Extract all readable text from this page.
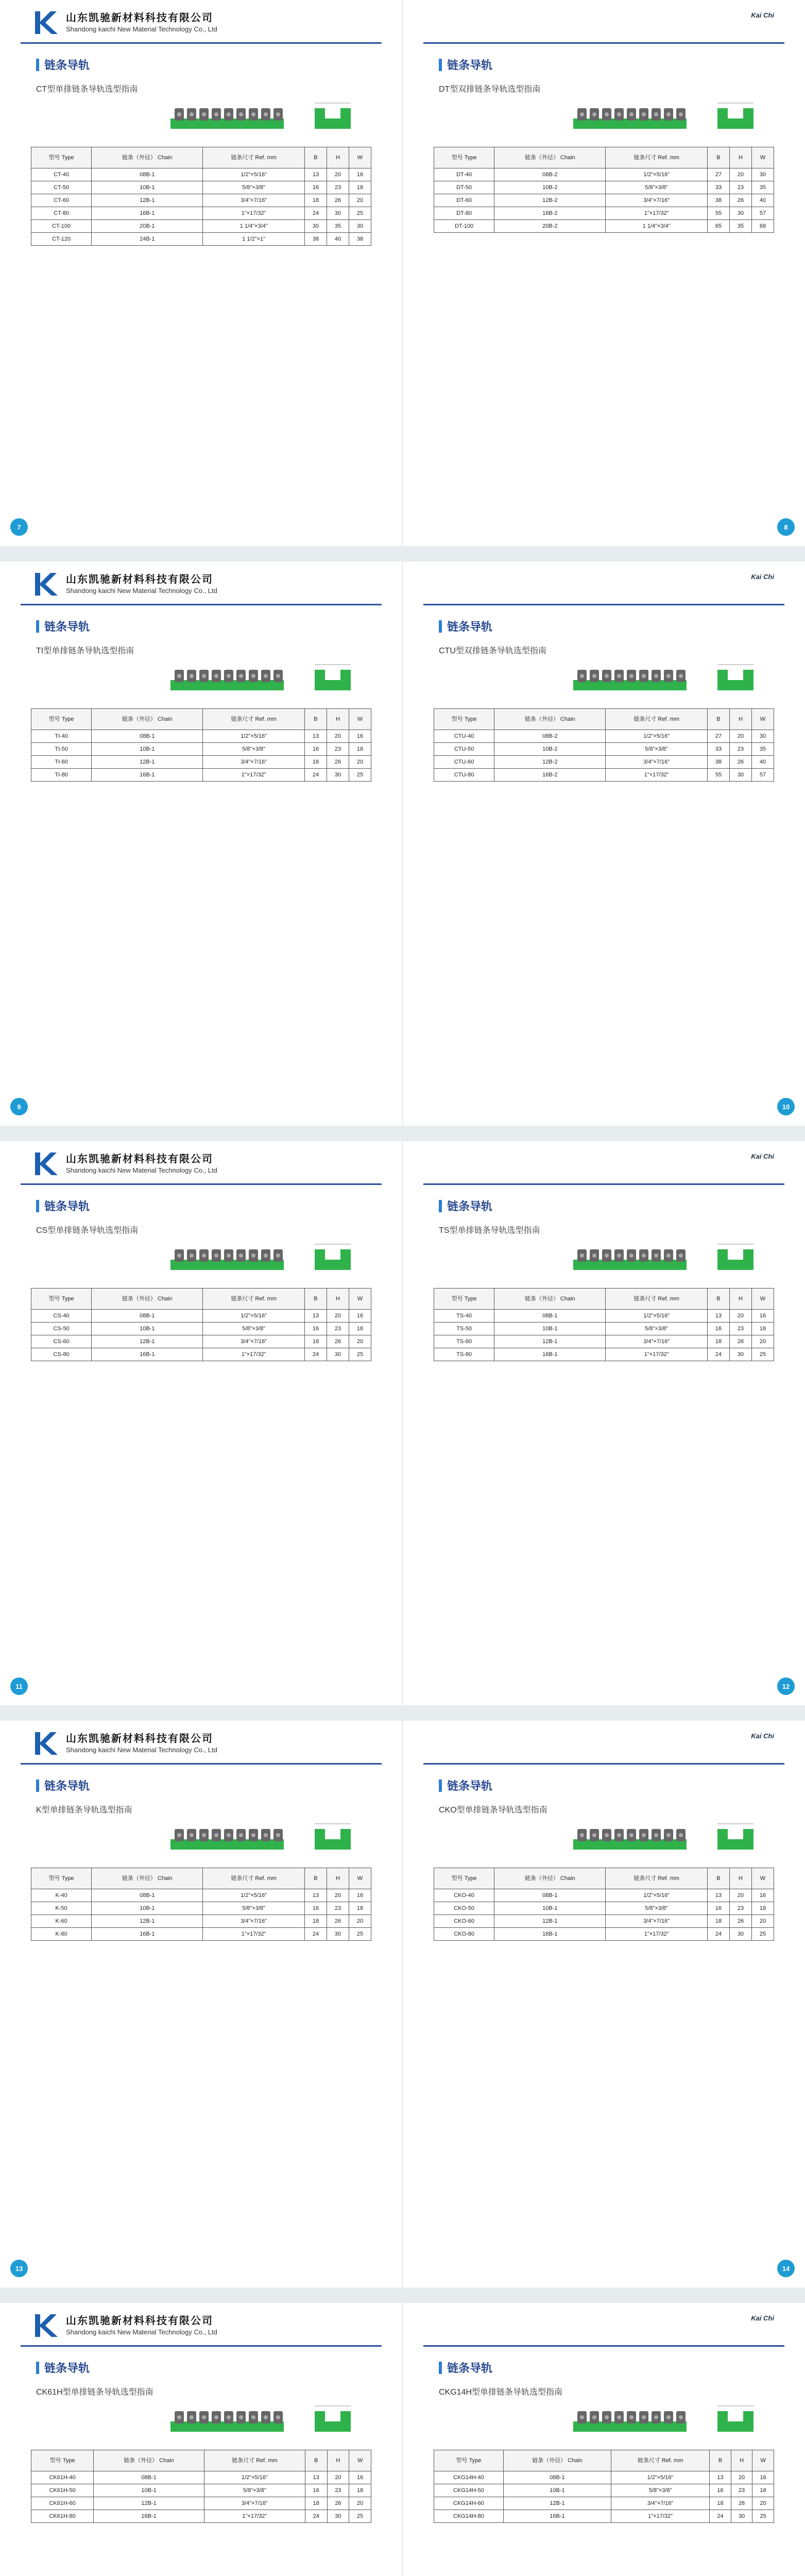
山东凯驰新材料科技有限公司
Shandong kaichi New Material Technology Co., Ltd
链条导轨
CT型单排链条导轨选型指南
型号 Type	链条（外径） Chain	链条尺寸 Ref. mm	B	H	W
CT-40	08B-1	1/2"×5/16"	13	20	16
CT-50	10B-1	5/8"×3/8"	16	23	18
CT-60	12B-1	3/4"×7/16"	18	26	20
CT-80	16B-1	1"×17/32"	24	30	25
CT-100	20B-1	1 1/4"×3/4"	30	35	30
CT-120	24B-1	1 1/2"×1"	38	40	38
7
Kai Chi
链条导轨
DT型双排链条导轨选型指南
型号 Type	链条（外径） Chain	链条尺寸 Ref. mm	B	H	W
DT-40	08B-2	1/2"×5/16"	27	20	30
DT-50	10B-2	5/8"×3/8"	33	23	35
DT-60	12B-2	3/4"×7/16"	38	26	40
DT-80	16B-2	1"×17/32"	55	30	57
DT-100	20B-2	1 1/4"×3/4"	65	35	68
8
山东凯驰新材料科技有限公司
Shandong kaichi New Material Technology Co., Ltd
链条导轨
TI型单排链条导轨选型指南
型号 Type	链条（外径） Chain	链条尺寸 Ref. mm	B	H	W
TI-40	08B-1	1/2"×5/16"	13	20	16
TI-50	10B-1	5/8"×3/8"	16	23	18
TI-60	12B-1	3/4"×7/16"	18	26	20
TI-80	16B-1	1"×17/32"	24	30	25
9
Kai Chi
链条导轨
CTU型双排链条导轨选型指南
型号 Type	链条（外径） Chain	链条尺寸 Ref. mm	B	H	W
CTU-40	08B-2	1/2"×5/16"	27	20	30
CTU-50	10B-2	5/8"×3/8"	33	23	35
CTU-60	12B-2	3/4"×7/16"	38	26	40
CTU-80	16B-2	1"×17/32"	55	30	57
10
山东凯驰新材料科技有限公司
Shandong kaichi New Material Technology Co., Ltd
链条导轨
CS型单排链条导轨选型指南
型号 Type	链条（外径） Chain	链条尺寸 Ref. mm	B	H	W
CS-40	08B-1	1/2"×5/16"	13	20	16
CS-50	10B-1	5/8"×3/8"	16	23	18
CS-60	12B-1	3/4"×7/16"	18	26	20
CS-80	16B-1	1"×17/32"	24	30	25
11
Kai Chi
链条导轨
TS型单排链条导轨选型指南
型号 Type	链条（外径） Chain	链条尺寸 Ref. mm	B	H	W
TS-40	08B-1	1/2"×5/16"	13	20	16
TS-50	10B-1	5/8"×3/8"	16	23	18
TS-60	12B-1	3/4"×7/16"	18	26	20
TS-80	16B-1	1"×17/32"	24	30	25
12
山东凯驰新材料科技有限公司
Shandong kaichi New Material Technology Co., Ltd
链条导轨
K型单排链条导轨选型指南
型号 Type	链条（外径） Chain	链条尺寸 Ref. mm	B	H	W
K-40	08B-1	1/2"×5/16"	13	20	16
K-50	10B-1	5/8"×3/8"	16	23	18
K-60	12B-1	3/4"×7/16"	18	26	20
K-80	16B-1	1"×17/32"	24	30	25
13
Kai Chi
链条导轨
CKO型单排链条导轨选型指南
型号 Type	链条（外径） Chain	链条尺寸 Ref. mm	B	H	W
CKO-40	08B-1	1/2"×5/16"	13	20	16
CKO-50	10B-1	5/8"×3/8"	16	23	18
CKO-60	12B-1	3/4"×7/16"	18	26	20
CKO-80	16B-1	1"×17/32"	24	30	25
14
山东凯驰新材料科技有限公司
Shandong kaichi New Material Technology Co., Ltd
链条导轨
CK61H型单排链条导轨选型指南
型号 Type	链条（外径） Chain	链条尺寸 Ref. mm	B	H	W
CK61H-40	08B-1	1/2"×5/16"	13	20	16
CK61H-50	10B-1	5/8"×3/8"	16	23	18
CK61H-60	12B-1	3/4"×7/16"	18	26	20
CK61H-80	16B-1	1"×17/32"	24	30	25
Kai Chi
链条导轨
CKG14H型单排链条导轨选型指南
型号 Type	链条（外径） Chain	链条尺寸 Ref. mm	B	H	W
CKG14H-40	08B-1	1/2"×5/16"	13	20	16
CKG14H-50	10B-1	5/8"×3/8"	16	23	18
CKG14H-60	12B-1	3/4"×7/16"	18	26	20
CKG14H-80	16B-1	1"×17/32"	24	30	25
